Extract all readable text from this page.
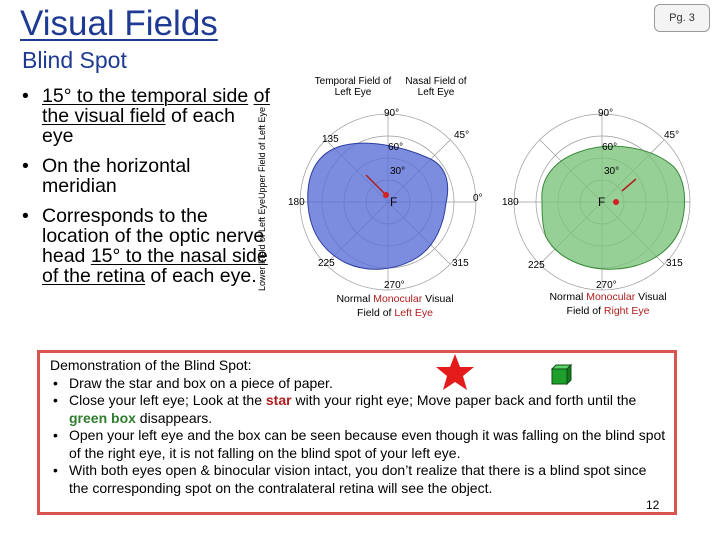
Visual Fields	Pg. 3
Blind Spot
• 15° to the temporal side of the visual field of each eye
• On the horizontal meridian
• Corresponds to the location of the optic nerve head 15° to the nasal side of the retina of each eye.
Upper Field of Left Eye
Lower Field of Left Eye
Temporal Field of Left Eye
Nasal Field of Left Eye
90°
135	45°
60°
30°
180	0°
F
225	315
270°
Normal Monocular Visual
Field of Left Eye
90°
45°
60°
30°
180	F
225	315
270°
Normal Monocular Visual
Field of Right Eye
Demonstration of the Blind Spot:
• Draw the star and box on a piece of paper.
• Close your left eye; Look at the star with your right eye; Move paper back and forth until the green box disappears.
• Open your left eye and the box can be seen because even though it was falling on the blind spot of the right eye, it is not falling on the blind spot of your left eye.
• With both eyes open & binocular vision intact, you don’t realize that there is a blind spot since the corresponding spot on the contralateral retina will see the object.
12
